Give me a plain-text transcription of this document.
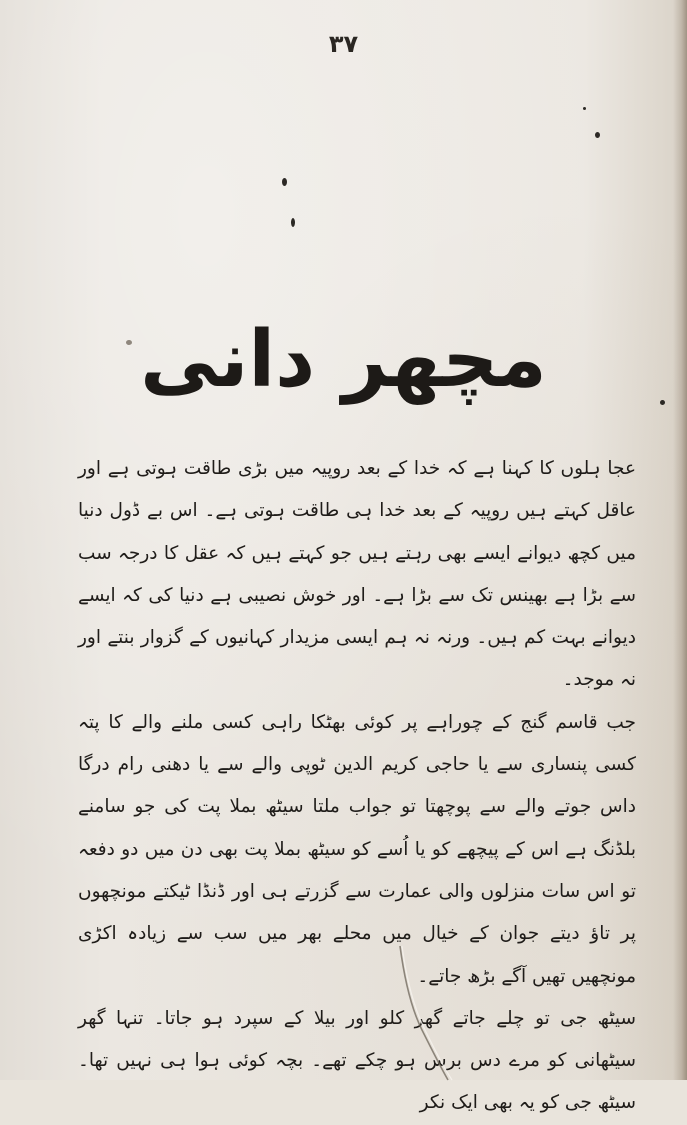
۳۷
مچھر دانی

عجا ہلوں کا کہنا ہے کہ خدا کے بعد روپیہ میں بڑی طاقت ہوتی ہے اور عاقل کہتے ہیں روپیہ کے بعد خدا ہی طاقت ہوتی ہے۔ اس بے ڈول دنیا میں کچھ دیوانے ایسے بھی رہتے ہیں جو کہتے ہیں کہ عقل کا درجہ سب سے بڑا ہے بھینس تک سے بڑا ہے۔ اور خوش نصیبی ہے دنیا کی کہ ایسے دیوانے بہت کم ہیں۔ ورنہ نہ ہم ایسی مزیدار کہانیوں کے گزوار بنتے اور نہ موجد۔

جب قاسم گنج کے چوراہے پر کوئی بھٹکا راہی کسی ملنے والے کا پتہ کسی پنساری سے یا حاجی کریم الدین ٹوپی والے سے یا دھنی رام درگا داس جوتے والے سے پوچھتا تو جواب ملتا سیٹھ بملا پت کی جو سامنے بلڈنگ ہے اس کے پیچھے کو یا اُسے کو سیٹھ بملا پت بھی دن میں دو دفعہ تو اس سات منزلوں والی عمارت سے گزرتے ہی اور ڈنڈا ٹیکتے مونچھوں پر تاؤ دیتے جوان کے خیال میں محلے بھر میں سب سے زیادہ اکڑی مونچھیں تھیں آگے بڑھ جاتے۔

سیٹھ جی تو چلے جاتے گھر کلو اور بیلا کے سپرد ہو جاتا۔ تنہا گھر سیٹھانی کو مرے دس برس ہو چکے تھے۔ بچہ کوئی ہوا ہی نہیں تھا۔ سیٹھ جی کو یہ بھی ایک نکر
